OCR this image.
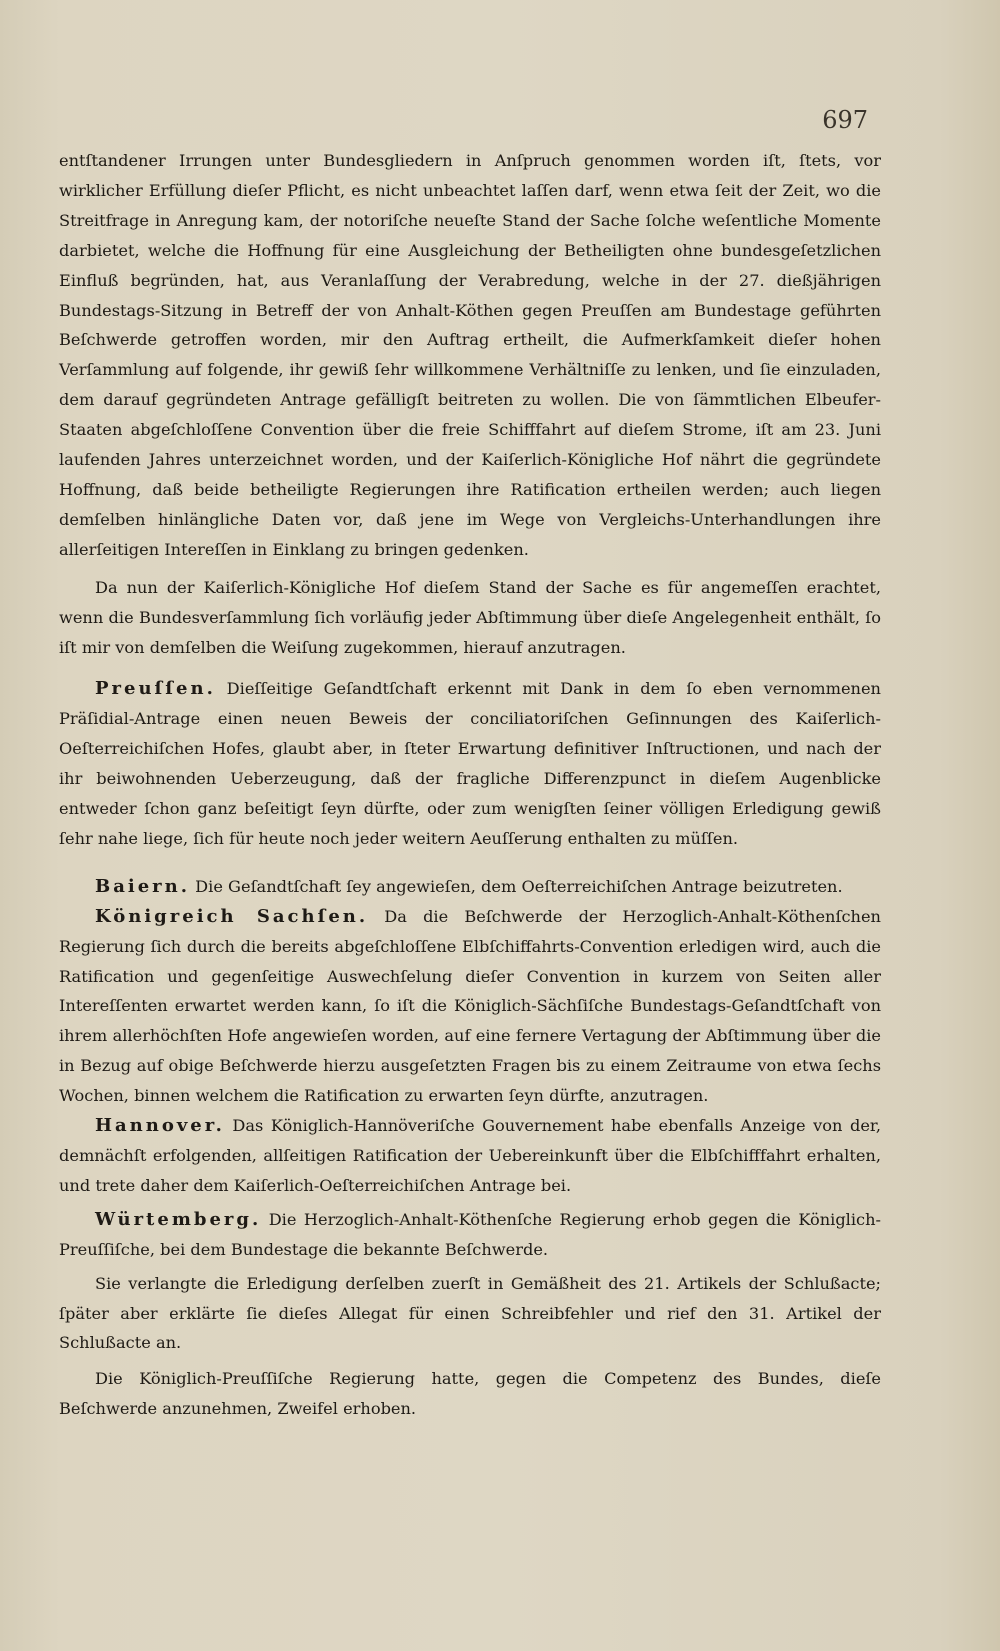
697

entſtandener Irrungen unter Bundesgliedern in Anſpruch genommen worden iſt, ſtets, vor wirklicher Erfüllung dieſer Pflicht, es nicht unbeachtet laſſen darf, wenn etwa ſeit der Zeit, wo die Streitfrage in Anregung kam, der notoriſche neueſte Stand der Sache ſolche weſentliche Momente darbietet, welche die Hoffnung für eine Ausgleichung der Betheiligten ohne bundesgeſetzlichen Einfluß begründen, hat, aus Veranlaſſung der Verabredung, welche in der 27. dießjährigen Bundestags-Sitzung in Betreff der von Anhalt-Köthen gegen Preuſſen am Bundestage geführten Beſchwerde getroffen worden, mir den Auftrag ertheilt, die Aufmerkſamkeit dieſer hohen Verſammlung auf folgende, ihr gewiß ſehr willkommene Verhältniſſe zu lenken, und ſie einzuladen, dem darauf gegründeten Antrage gefälligſt beitreten zu wollen. Die von ſämmtlichen Elbeufer-Staaten abgeſchloſſene Convention über die freie Schifffahrt auf dieſem Strome, iſt am 23. Juni laufenden Jahres unterzeichnet worden, und der Kaiſerlich-Königliche Hof nährt die gegründete Hoffnung, daß beide betheiligte Regierungen ihre Ratification ertheilen werden; auch liegen demſelben hinlängliche Daten vor, daß jene im Wege von Vergleichs-Unterhandlungen ihre allerſeitigen Intereſſen in Einklang zu bringen gedenken.

Da nun der Kaiſerlich-Königliche Hof dieſem Stand der Sache es für angemeſſen erachtet, wenn die Bundesverſammlung ſich vorläufig jeder Abſtimmung über dieſe Angelegenheit enthält, ſo iſt mir von demſelben die Weiſung zugekommen, hierauf anzutragen.

Preuſſen. Dieſſeitige Geſandtſchaft erkennt mit Dank in dem ſo eben vernommenen Präſidial-Antrage einen neuen Beweis der conciliatoriſchen Geſinnungen des Kaiſerlich-Oeſterreichiſchen Hofes, glaubt aber, in ſteter Erwartung definitiver Inſtructionen, und nach der ihr beiwohnenden Ueberzeugung, daß der fragliche Differenzpunct in dieſem Augenblicke entweder ſchon ganz beſeitigt ſeyn dürfte, oder zum wenigſten ſeiner völligen Erledigung gewiß ſehr nahe liege, ſich für heute noch jeder weitern Aeuſſerung enthalten zu müſſen.

Baiern. Die Geſandtſchaft ſey angewieſen, dem Oeſterreichiſchen Antrage beizutreten.

Königreich Sachſen. Da die Beſchwerde der Herzoglich-Anhalt-Köthenſchen Regierung ſich durch die bereits abgeſchloſſene Elbſchiffahrts-Convention erledigen wird, auch die Ratification und gegenſeitige Auswechſelung dieſer Convention in kurzem von Seiten aller Intereſſenten erwartet werden kann, ſo iſt die Königlich-Sächſiſche Bundestags-Geſandtſchaft von ihrem allerhöchſten Hofe angewieſen worden, auf eine fernere Vertagung der Abſtimmung über die in Bezug auf obige Beſchwerde hierzu ausgeſetzten Fragen bis zu einem Zeitraume von etwa ſechs Wochen, binnen welchem die Ratification zu erwarten ſeyn dürfte, anzutragen.

Hannover. Das Königlich-Hannöveriſche Gouvernement habe ebenfalls Anzeige von der, demnächſt erfolgenden, allſeitigen Ratification der Uebereinkunft über die Elbſchifffahrt erhalten, und trete daher dem Kaiſerlich-Oeſterreichiſchen Antrage bei.

Würtemberg. Die Herzoglich-Anhalt-Köthenſche Regierung erhob gegen die Königlich-Preuſſiſche, bei dem Bundestage die bekannte Beſchwerde.

Sie verlangte die Erledigung derſelben zuerſt in Gemäßheit des 21. Artikels der Schlußacte; ſpäter aber erklärte ſie dieſes Allegat für einen Schreibfehler und rief den 31. Artikel der Schlußacte an.

Die Königlich-Preuſſiſche Regierung hatte, gegen die Competenz des Bundes, dieſe Beſchwerde anzunehmen, Zweifel erhoben.
